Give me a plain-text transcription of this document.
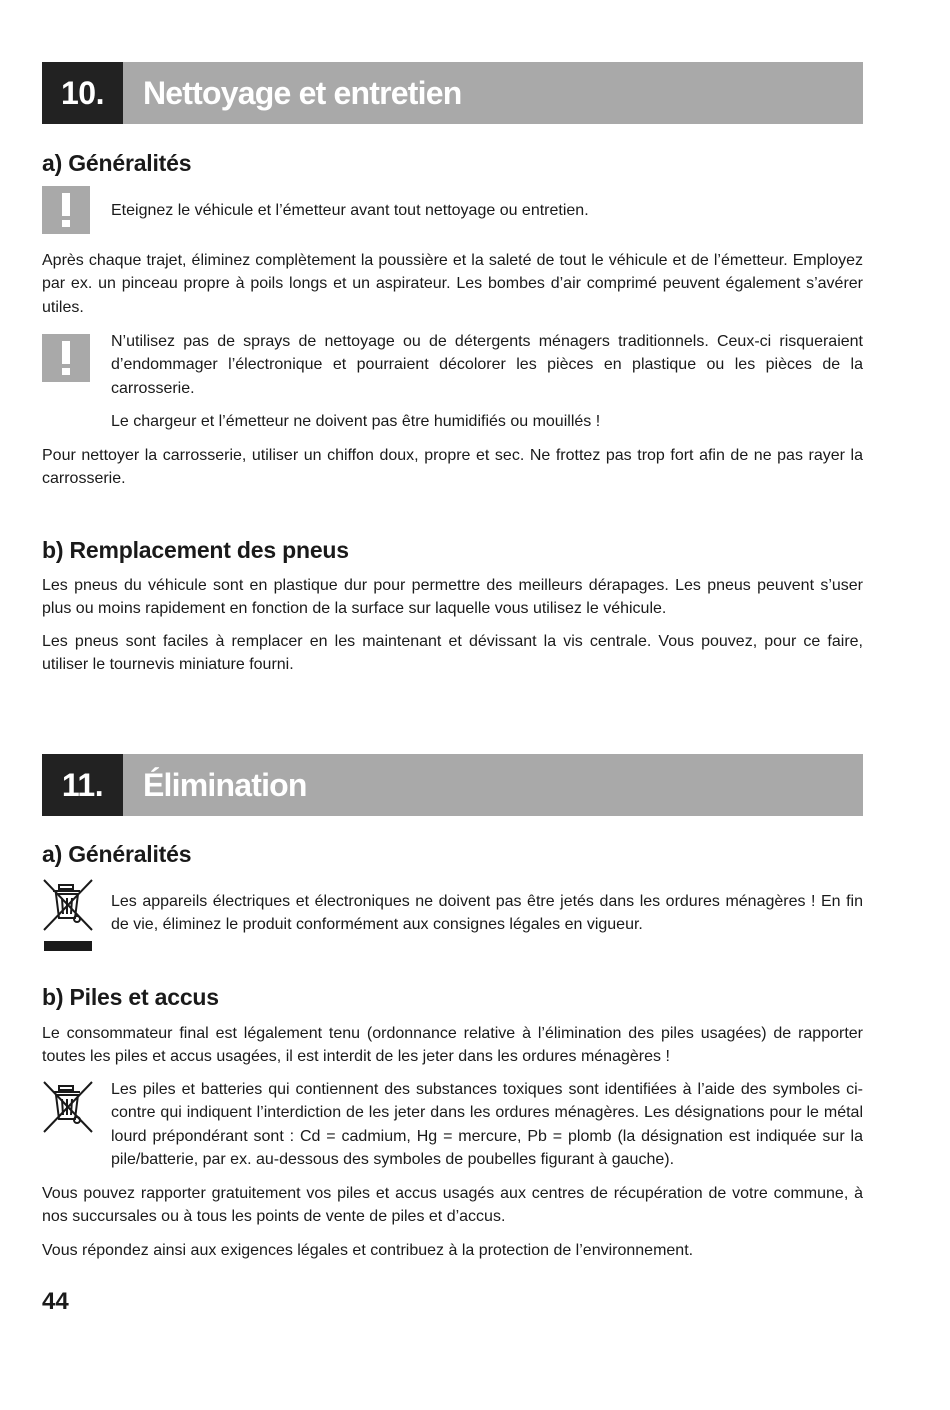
10.	Nettoyage et entretien
a) Généralités

Eteignez le véhicule et l’émetteur avant tout nettoyage ou entretien.

Après chaque trajet, éliminez complètement la poussière et la saleté de tout le véhicule et de l’émetteur. Employez par ex. un pinceau propre à poils longs et un aspirateur. Les bombes d’air comprimé peuvent également s’avérer utiles.

N’utilisez pas de sprays de nettoyage ou de détergents ménagers traditionnels. Ceux-ci risqueraient d’endommager l’électronique et pourraient décolorer les pièces en plastique ou les pièces de la carrosserie.

Le chargeur et l’émetteur ne doivent pas être humidifiés ou mouillés !

Pour nettoyer la carrosserie, utiliser un chiffon doux, propre et sec. Ne frottez pas trop fort afin de ne pas rayer la carrosserie.

b) Remplacement des pneus

Les pneus du véhicule sont en plastique dur pour permettre des meilleurs dérapages. Les pneus peuvent s’user plus ou moins rapidement en fonction de la surface sur laquelle vous utilisez le véhicule.

Les pneus sont faciles à remplacer en les maintenant et dévissant la vis centrale. Vous pouvez, pour ce faire, utiliser le tournevis miniature fourni.

11.	Élimination
a) Généralités

Les appareils électriques et électroniques ne doivent pas être jetés dans les ordures ménagères ! En fin de vie, éliminez le produit conformément aux consignes légales en vigueur.

b) Piles et accus

Le consommateur final est légalement tenu (ordonnance relative à l’élimination des piles usagées) de rapporter toutes les piles et accus usagées, il est interdit de les jeter dans les ordures ménagères !

Les piles et batteries qui contiennent des substances toxiques sont identifiées à l’aide des symboles ci-contre qui indiquent l’interdiction de les jeter dans les ordures ménagères. Les désignations pour le métal lourd prépondérant sont : Cd = cadmium, Hg = mercure, Pb = plomb (la désignation est indiquée sur la pile/batterie, par ex. au-dessous des symboles de poubelles figurant à gauche).

Vous pouvez rapporter gratuitement vos piles et accus usagés aux centres de récupération de votre commune, à nos succursales ou à tous les points de vente de piles et d’accus.

Vous répondez ainsi aux exigences légales et contribuez à la protection de l’environnement.

44
